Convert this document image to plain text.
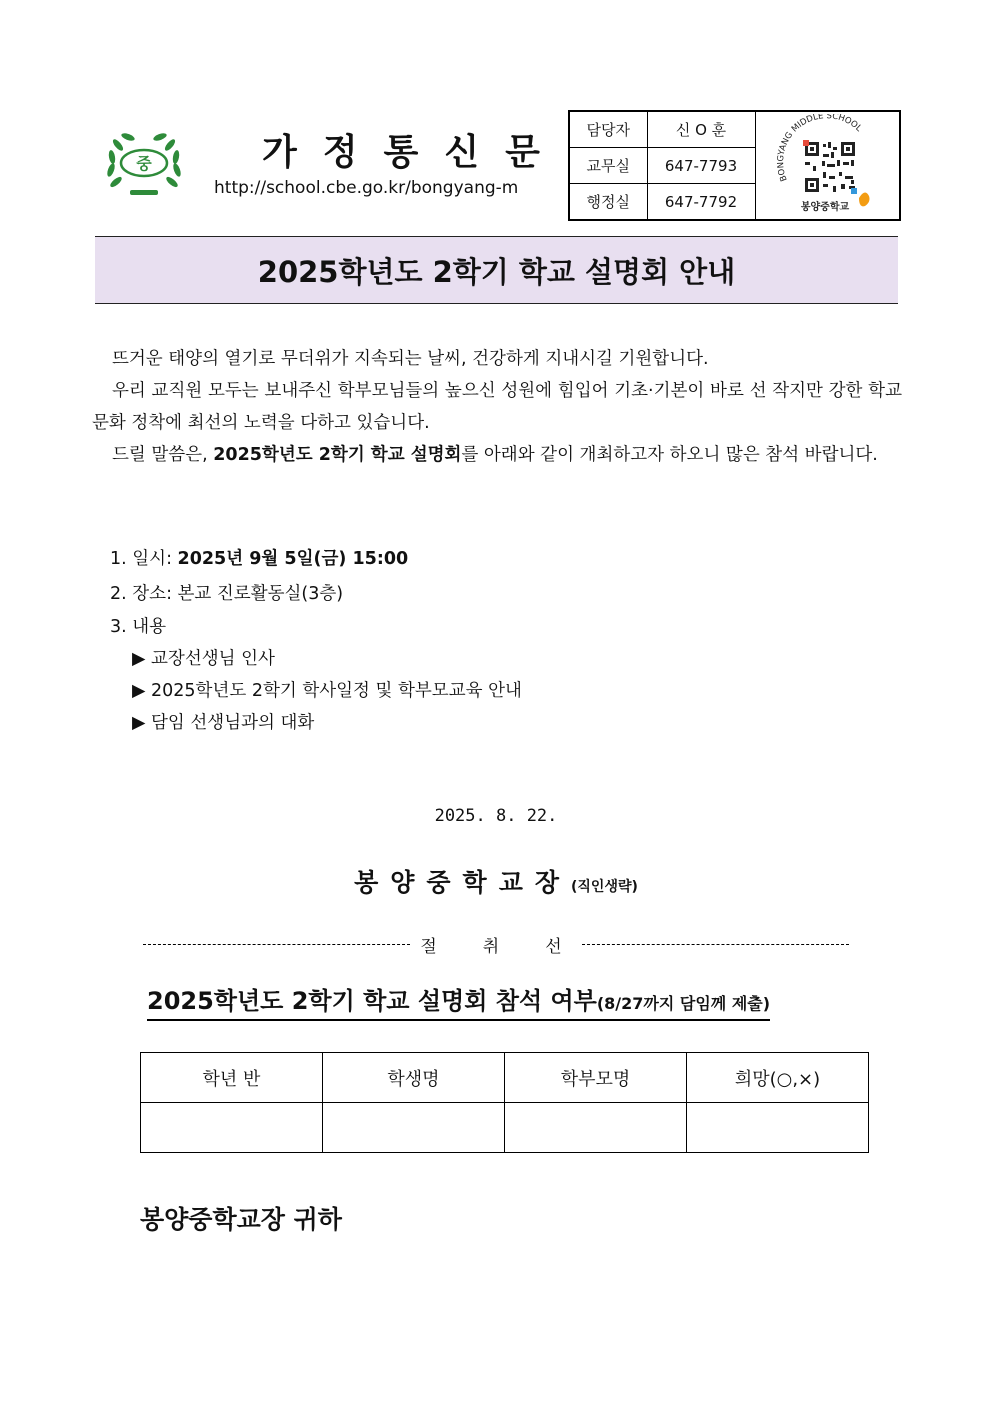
중	가정통신문
http://school.cbe.go.kr/bongyang-m
담당자	신 O 훈	BONGYANG MIDDLE SCHOOL
봉양중학교

교무실	647-7793	
행정실	647-7792	
2025학년도 2학기 학교 설명회 안내
뜨거운 태양의 열기로 무더위가 지속되는 날씨, 건강하게 지내시길 기원합니다.
우리 교직원 모두는 보내주신 학부모님들의 높으신 성원에 힘입어 기초·기본이 바로 선 작지만 강한 학교 문화 정착에 최선의 노력을 다하고 있습니다.
드릴 말씀은, 2025학년도 2학기 학교 설명회를 아래와 같이 개최하고자 하오니 많은 참석 바랍니다.
1. 일시: 2025년 9월 5일(금) 15:00
2. 장소: 본교 진로활동실(3층)
3. 내용
▶ 교장선생님 인사
▶ 2025학년도 2학기 학사일정 및 학부모교육 안내
▶ 담임 선생님과의 대화
2025. 8. 22.
봉양중학교장(직인생략)
절취선
2025학년도 2학기 학교 설명회 참석 여부(8/27까지 담임께 제출)
학년 반	학생명	학부모명	희망(○,×)

봉양중학교장 귀하
